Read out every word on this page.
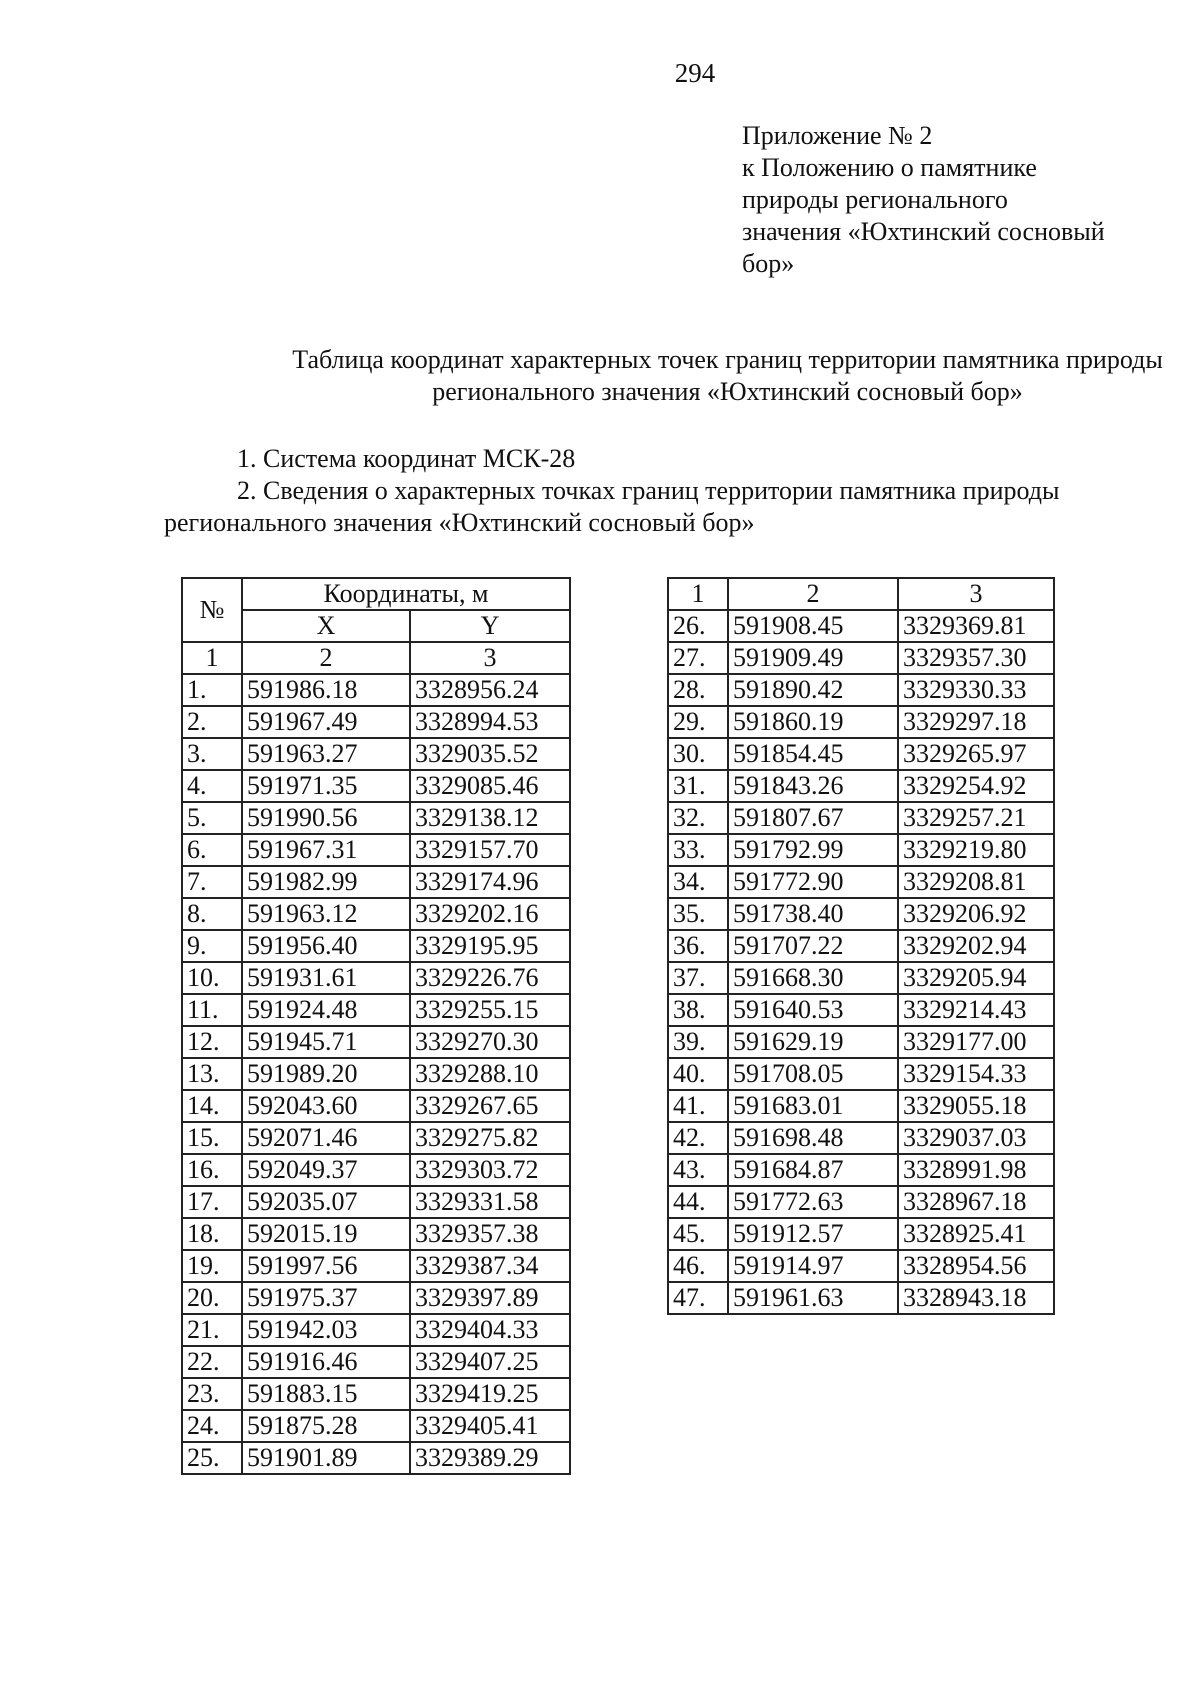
294
Приложение № 2
к Положению о памятнике
природы регионального
значения «Юхтинский сосновый
бор»
Таблица координат характерных точек границ территории памятника природы
регионального значения «Юхтинский сосновый бор»
1. Система координат МСК-28
2. Сведения о характерных точках границ территории памятника природы
регионального значения «Юхтинский сосновый бор»
№	Координаты, м	
	X	Y
1	2	3
1.	591986.18	3328956.24
2.	591967.49	3328994.53
3.	591963.27	3329035.52
4.	591971.35	3329085.46
5.	591990.56	3329138.12
6.	591967.31	3329157.70
7.	591982.99	3329174.96
8.	591963.12	3329202.16
9.	591956.40	3329195.95
10.	591931.61	3329226.76
11.	591924.48	3329255.15
12.	591945.71	3329270.30
13.	591989.20	3329288.10
14.	592043.60	3329267.65
15.	592071.46	3329275.82
16.	592049.37	3329303.72
17.	592035.07	3329331.58
18.	592015.19	3329357.38
19.	591997.56	3329387.34
20.	591975.37	3329397.89
21.	591942.03	3329404.33
22.	591916.46	3329407.25
23.	591883.15	3329419.25
24.	591875.28	3329405.41
25.	591901.89	3329389.29
1	2	3
26.	591908.45	3329369.81
27.	591909.49	3329357.30
28.	591890.42	3329330.33
29.	591860.19	3329297.18
30.	591854.45	3329265.97
31.	591843.26	3329254.92
32.	591807.67	3329257.21
33.	591792.99	3329219.80
34.	591772.90	3329208.81
35.	591738.40	3329206.92
36.	591707.22	3329202.94
37.	591668.30	3329205.94
38.	591640.53	3329214.43
39.	591629.19	3329177.00
40.	591708.05	3329154.33
41.	591683.01	3329055.18
42.	591698.48	3329037.03
43.	591684.87	3328991.98
44.	591772.63	3328967.18
45.	591912.57	3328925.41
46.	591914.97	3328954.56
47.	591961.63	3328943.18
